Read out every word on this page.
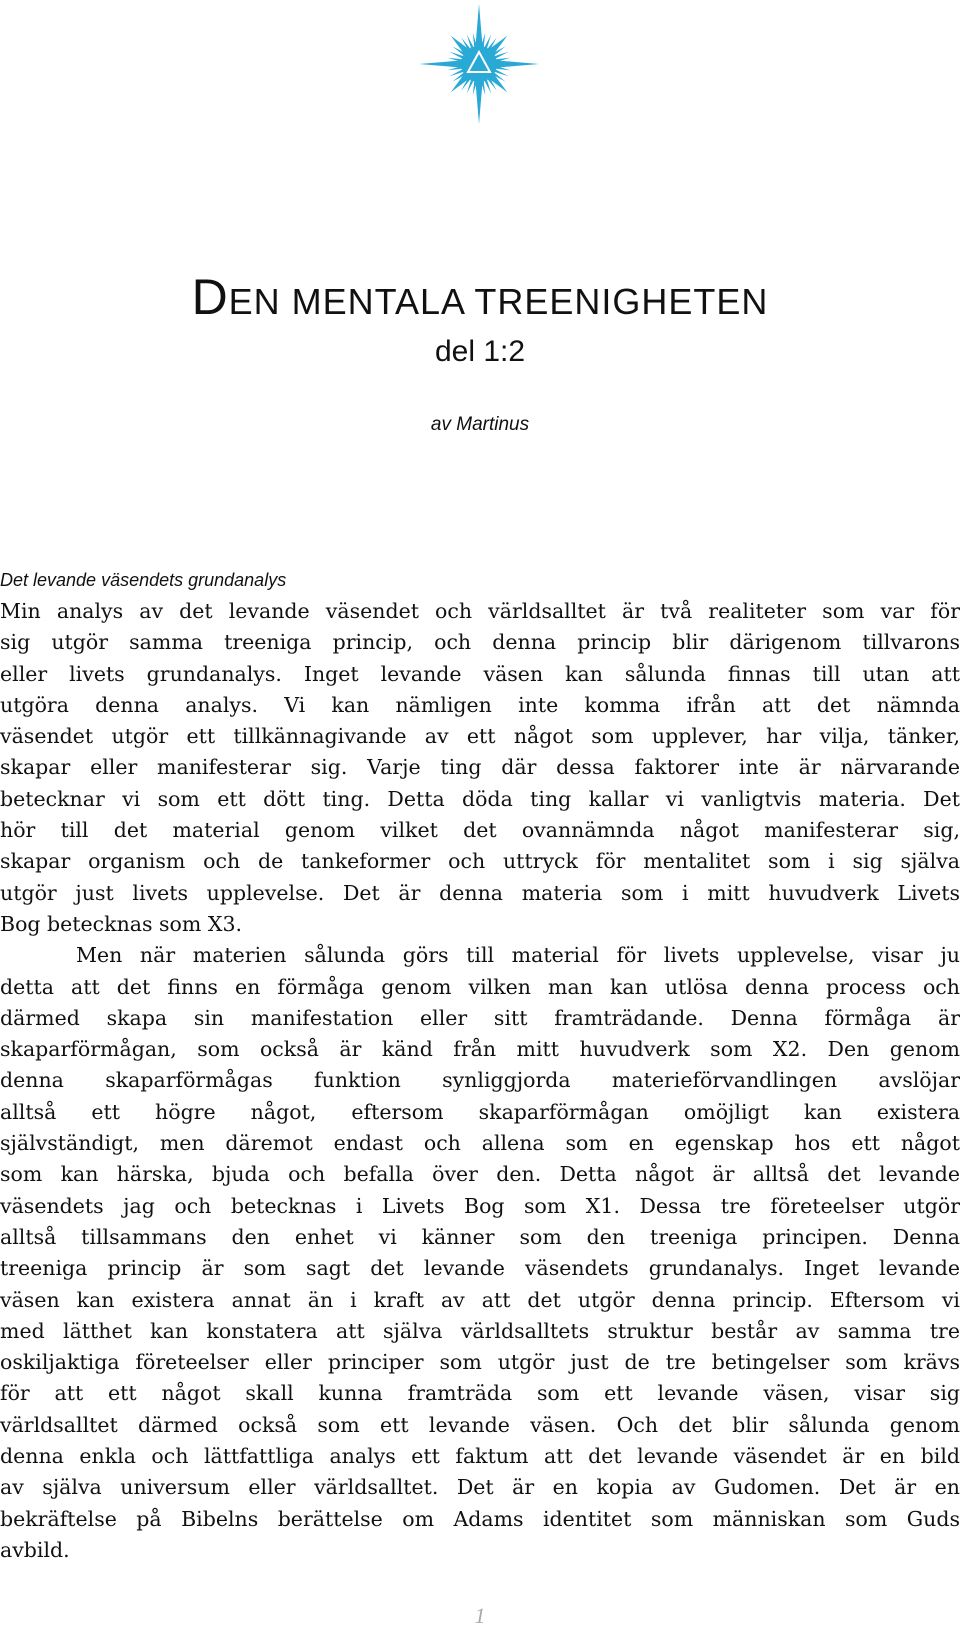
DEN MENTALA TREENIGHETEN
del 1:2
av Martinus
Det levande väsendets grundanalys
Min analys av det levande väsendet och världsalltet är två realiteter som var för
sig utgör samma treeniga princip, och denna princip blir därigenom tillvarons
eller livets grundanalys. Inget levande väsen kan sålunda finnas till utan att
utgöra denna analys. Vi kan nämligen inte komma ifrån att det nämnda
väsendet utgör ett tillkännagivande av ett något som upplever, har vilja, tänker,
skapar eller manifesterar sig. Varje ting där dessa faktorer inte är närvarande
betecknar vi som ett dött ting. Detta döda ting kallar vi vanligtvis materia. Det
hör till det material genom vilket det ovannämnda något manifesterar sig,
skapar organism och de tankeformer och uttryck för mentalitet som i sig själva
utgör just livets upplevelse. Det är denna materia som i mitt huvudverk Livets
Bog betecknas som X3.
Men när materien sålunda görs till material för livets upplevelse, visar ju
detta att det finns en förmåga genom vilken man kan utlösa denna process och
därmed skapa sin manifestation eller sitt framträdande. Denna förmåga är
skaparförmågan, som också är känd från mitt huvudverk som X2. Den genom
denna skaparförmågas funktion synliggjorda materieförvandlingen avslöjar
alltså ett högre något, eftersom skaparförmågan omöjligt kan existera
självständigt, men däremot endast och allena som en egenskap hos ett något
som kan härska, bjuda och befalla över den. Detta något är alltså det levande
väsendets jag och betecknas i Livets Bog som X1. Dessa tre företeelser utgör
alltså tillsammans den enhet vi känner som den treeniga principen. Denna
treeniga princip är som sagt det levande väsendets grundanalys. Inget levande
väsen kan existera annat än i kraft av att det utgör denna princip. Eftersom vi
med lätthet kan konstatera att själva världsalltets struktur består av samma tre
oskiljaktiga företeelser eller principer som utgör just de tre betingelser som krävs
för att ett något skall kunna framträda som ett levande väsen, visar sig
världsalltet därmed också som ett levande väsen. Och det blir sålunda genom
denna enkla och lättfattliga analys ett faktum att det levande väsendet är en bild
av själva universum eller världsalltet. Det är en kopia av Gudomen. Det är en
bekräftelse på Bibelns berättelse om Adams identitet som människan som Guds
avbild.
1
